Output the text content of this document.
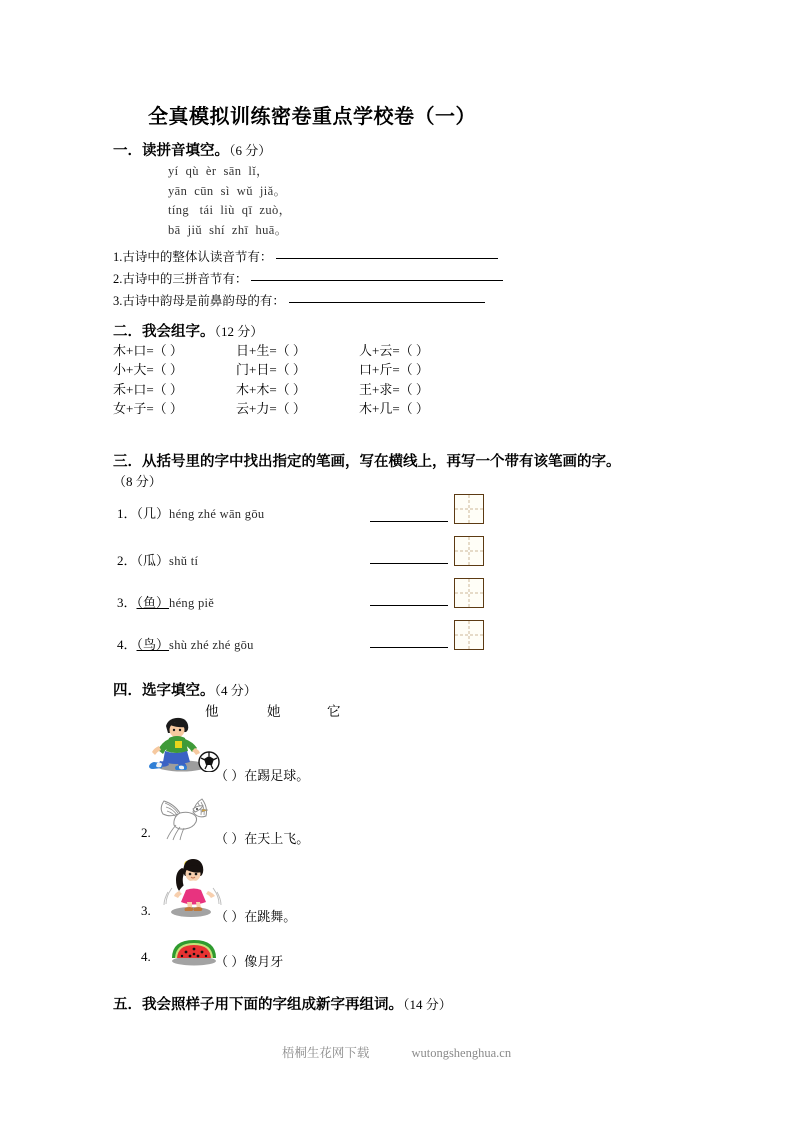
全真模拟训练密卷重点学校卷（一）
一．读拼音填空。（6 分）
yí  qù  èr  sān  lǐ，
yān  cūn  sì  wǔ  jiǎ。
tíng   tái  liù  qī  zuò，
bā  jiǔ  shí  zhī  huā。
1.古诗中的整体认读音节有：
2.古诗中的三拼音节有：
3.古诗中韵母是前鼻韵母的有：
二．我会组字。（12 分）
木+口=（ ）	日+生=（ ）	人+云=（ ）
小+大=（ ）	门+日=（ ）	口+斤=（ ）
禾+口=（ ）	木+木=（ ）	王+求=（ ）
女+子=（ ）	云+力=（ ）	木+几=（ ）
三．从括号里的字中找出指定的笔画，写在横线上，再写一个带有该笔画的字。（8 分）
1．（几）héng zhé wān gōu
2．（瓜）shǔ tí
3．（鱼）héng piě
4．（鸟）shù zhé zhé gōu
四．选字填空。（4 分）
他	她	它
（ ）在踢足球。
2.	（ ）在天上飞。
3.	（ ）在跳舞。
4.	（ ）像月牙
五．我会照样子用下面的字组成新字再组词。（14 分）
梧桐生花网下载	wutongshenghua.cn
